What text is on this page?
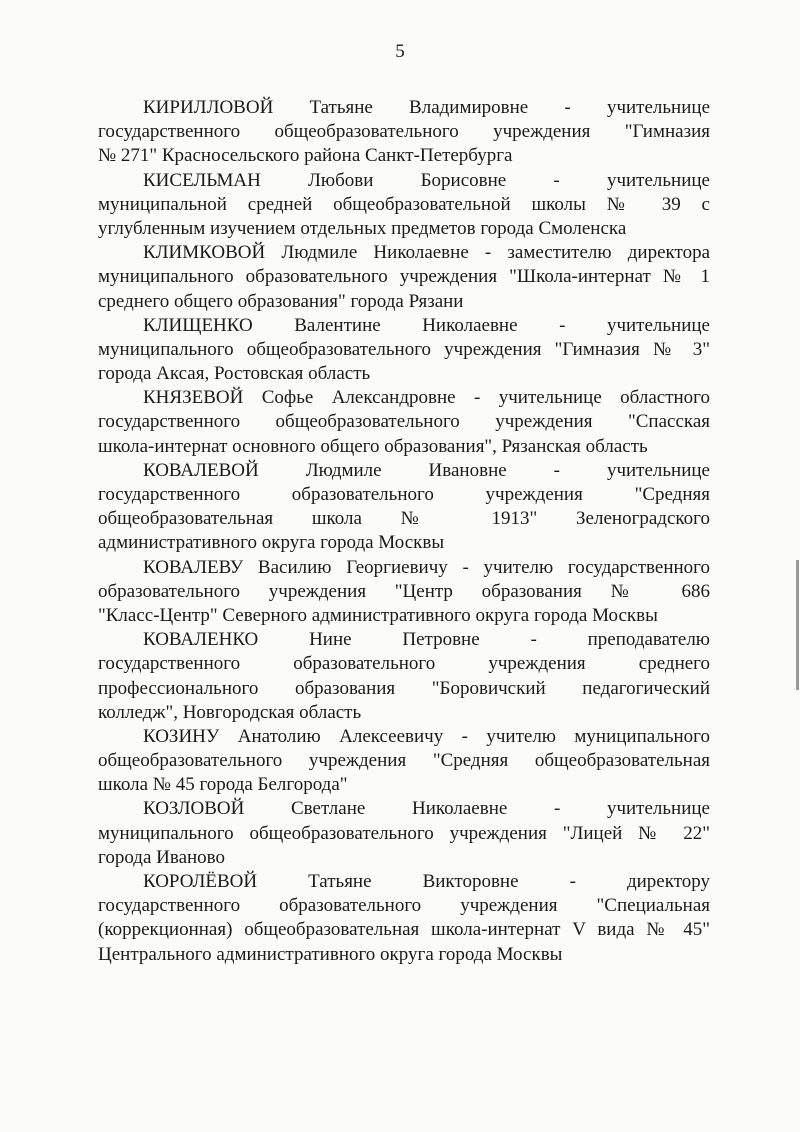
5
КИРИЛЛОВОЙ Татьяне Владимировне - учительнице
государственного общеобразовательного учреждения "Гимназия
№ 271" Красносельского района Санкт-Петербурга
КИСЕЛЬМАН Любови Борисовне - учительнице
муниципальной средней общеобразовательной школы № 39 с
углубленным изучением отдельных предметов города Смоленска
КЛИМКОВОЙ Людмиле Николаевне - заместителю директора
муниципального образовательного учреждения "Школа-интернат № 1
среднего общего образования" города Рязани
КЛИЩЕНКО Валентине Николаевне - учительнице
муниципального общеобразовательного учреждения "Гимназия № 3"
города Аксая, Ростовская область
КНЯЗЕВОЙ Софье Александровне - учительнице областного
государственного общеобразовательного учреждения "Спасская
школа-интернат основного общего образования", Рязанская область
КОВАЛЕВОЙ Людмиле Ивановне - учительнице
государственного образовательного учреждения "Средняя
общеобразовательная школа № 1913" Зеленоградского
административного округа города Москвы
КОВАЛЕВУ Василию Георгиевичу - учителю государственного
образовательного учреждения "Центр образования № 686
"Класс-Центр" Северного административного округа города Москвы
КОВАЛЕНКО Нине Петровне - преподавателю
государственного образовательного учреждения среднего
профессионального образования "Боровичский педагогический
колледж", Новгородская область
КОЗИНУ Анатолию Алексеевичу - учителю муниципального
общеобразовательного учреждения "Средняя общеобразовательная
школа № 45 города Белгорода"
КОЗЛОВОЙ Светлане Николаевне - учительнице
муниципального общеобразовательного учреждения "Лицей № 22"
города Иваново
КОРОЛЁВОЙ Татьяне Викторовне - директору
государственного образовательного учреждения "Специальная
(коррекционная) общеобразовательная школа-интернат V вида № 45"
Центрального административного округа города Москвы
